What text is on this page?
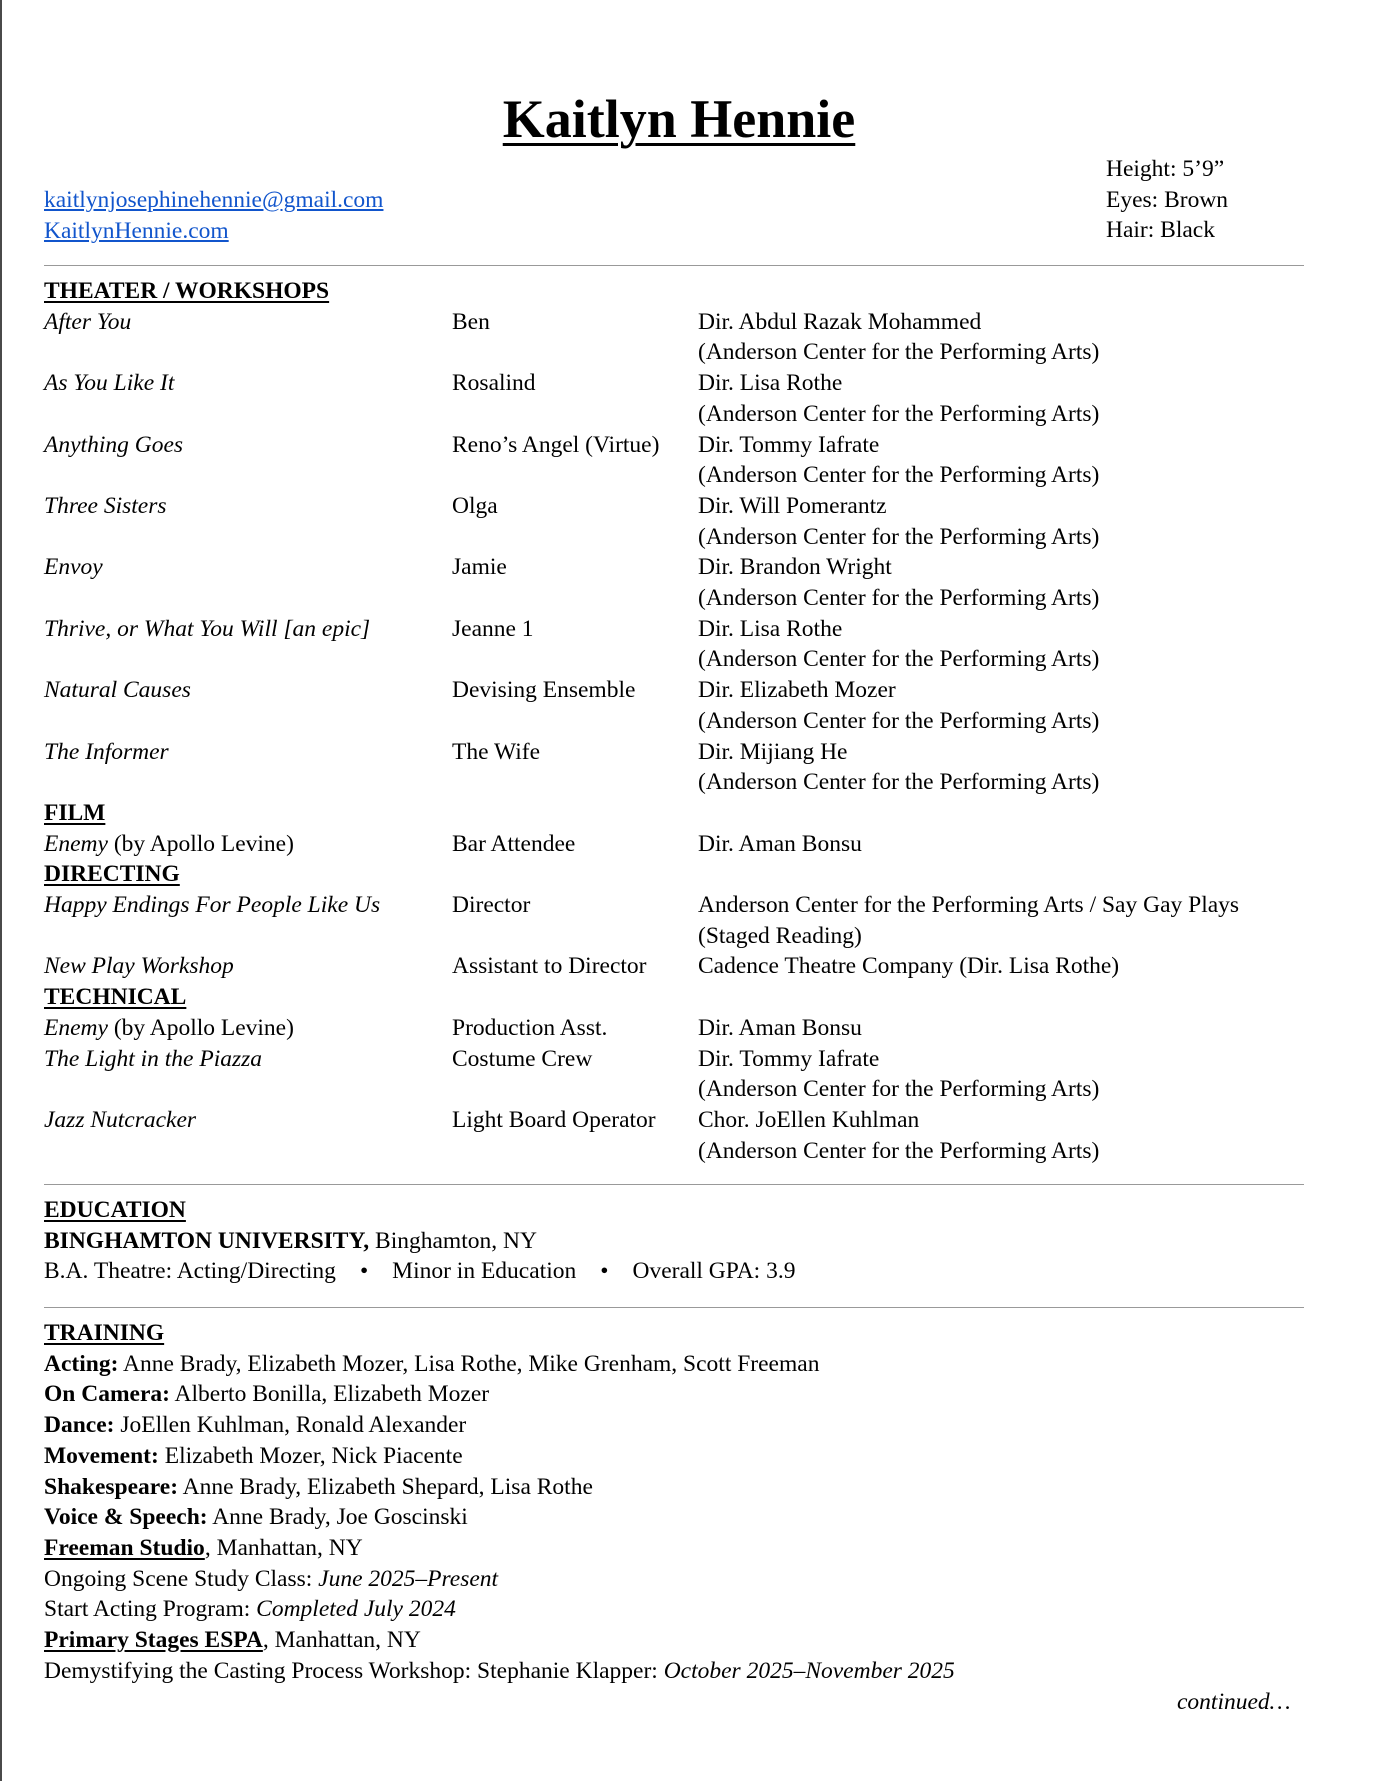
Kaitlyn Hennie
kaitlynjosephinehennie@gmail.com
KaitlynHennie.com
Height: 5’9”
Eyes: Brown
Hair: Black
THEATER / WORKSHOPS
After You	Ben	Dir. Abdul Razak Mohammed
(Anderson Center for the Performing Arts)
As You Like It	Rosalind	Dir. Lisa Rothe
(Anderson Center for the Performing Arts)
Anything Goes	Reno’s Angel (Virtue)	Dir. Tommy Iafrate
(Anderson Center for the Performing Arts)
Three Sisters	Olga	Dir. Will Pomerantz
(Anderson Center for the Performing Arts)
Envoy	Jamie	Dir. Brandon Wright
(Anderson Center for the Performing Arts)
Thrive, or What You Will [an epic]	Jeanne 1	Dir. Lisa Rothe
(Anderson Center for the Performing Arts)
Natural Causes	Devising Ensemble	Dir. Elizabeth Mozer
(Anderson Center for the Performing Arts)
The Informer	The Wife	Dir. Mijiang He
(Anderson Center for the Performing Arts)
FILM
Enemy (by Apollo Levine)	Bar Attendee	Dir. Aman Bonsu
DIRECTING
Happy Endings For People Like Us	Director	Anderson Center for the Performing Arts / Say Gay Plays
(Staged Reading)
New Play Workshop	Assistant to Director	Cadence Theatre Company (Dir. Lisa Rothe)
TECHNICAL
Enemy (by Apollo Levine)	Production Asst.	Dir. Aman Bonsu
The Light in the Piazza	Costume Crew	Dir. Tommy Iafrate
(Anderson Center for the Performing Arts)
Jazz Nutcracker	Light Board Operator	Chor. JoEllen Kuhlman
(Anderson Center for the Performing Arts)
EDUCATION
BINGHAMTON UNIVERSITY, Binghamton, NY
B.A. Theatre: Acting/Directing • Minor in Education • Overall GPA: 3.9
TRAINING
Acting: Anne Brady, Elizabeth Mozer, Lisa Rothe, Mike Grenham, Scott Freeman
On Camera: Alberto Bonilla, Elizabeth Mozer
Dance: JoEllen Kuhlman, Ronald Alexander
Movement: Elizabeth Mozer, Nick Piacente
Shakespeare: Anne Brady, Elizabeth Shepard, Lisa Rothe
Voice & Speech: Anne Brady, Joe Goscinski
Freeman Studio, Manhattan, NY
Ongoing Scene Study Class: June 2025–Present
Start Acting Program: Completed July 2024
Primary Stages ESPA, Manhattan, NY
Demystifying the Casting Process Workshop: Stephanie Klapper: October 2025–November 2025
continued…
